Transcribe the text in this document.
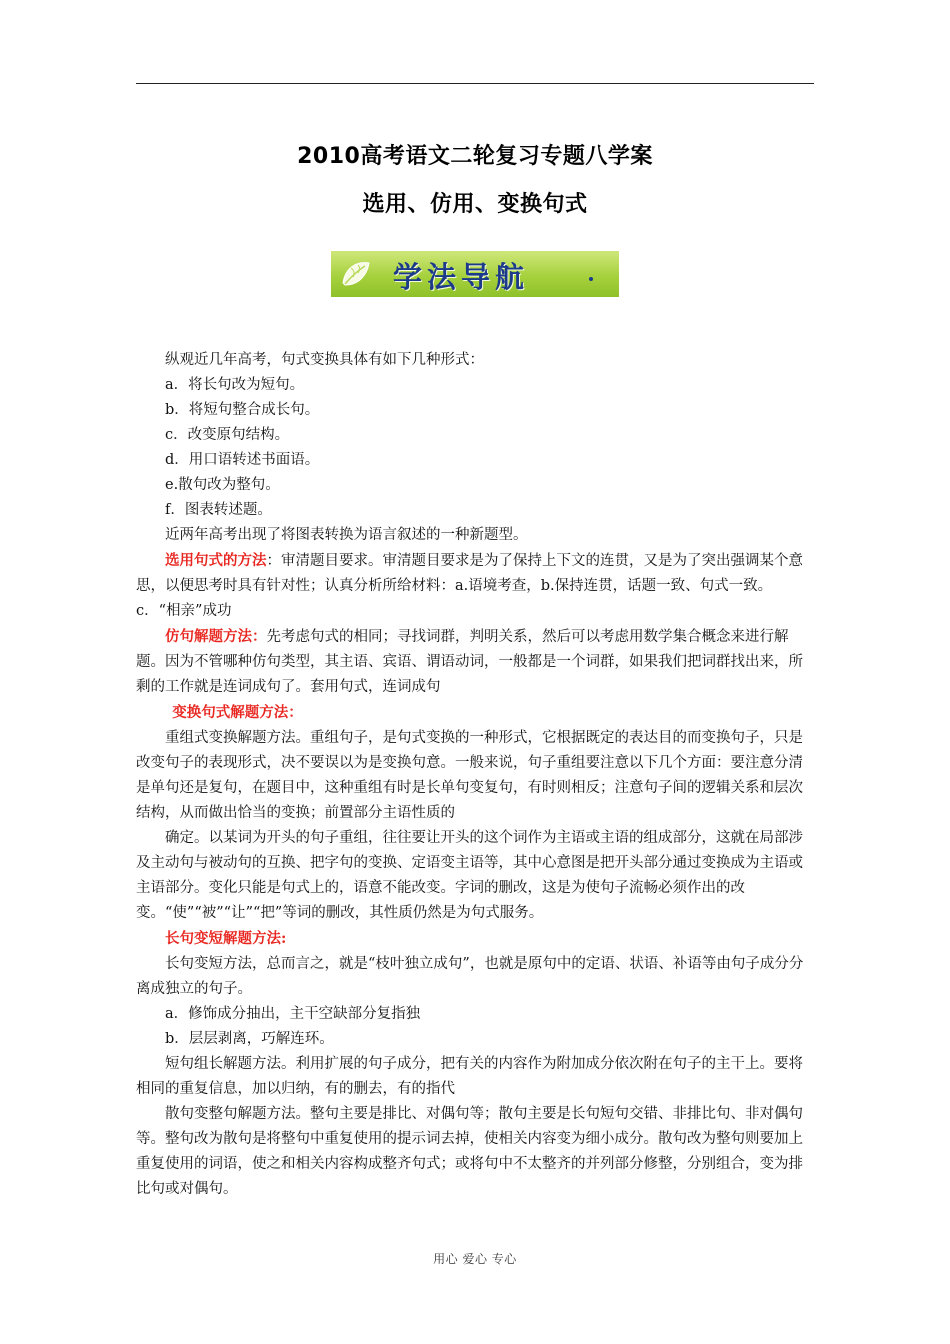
2010高考语文二轮复习专题八学案
选用、仿用、变换句式
学法导航

纵观近几年高考，句式变换具体有如下几种形式：

a．将长句改为短句。

b．将短句整合成长句。

c．改变原句结构。

d．用口语转述书面语。

e.散句改为整句。

f．图表转述题。

近两年高考出现了将图表转换为语言叙述的一种新题型。

选用句式的方法：审清题目要求。审清题目要求是为了保持上下文的连贯，又是为了突出强调某个意思，以便思考时具有针对性；认真分析所给材料：a.语境考查，b.保持连贯，话题一致、句式一致。c．“相亲”成功

仿句解题方法：先考虑句式的相同；寻找词群，判明关系，然后可以考虑用数学集合概念来进行解题。因为不管哪种仿句类型，其主语、宾语、谓语动词，一般都是一个词群，如果我们把词群找出来，所剩的工作就是连词成句了。套用句式，连词成句

变换句式解题方法：

重组式变换解题方法。重组句子，是句式变换的一种形式，它根据既定的表达目的而变换句子，只是改变句子的表现形式，决不要误以为是变换句意。一般来说，句子重组要注意以下几个方面：要注意分清是单句还是复句，在题目中，这种重组有时是长单句变复句，有时则相反；注意句子间的逻辑关系和层次结构，从而做出恰当的变换；前置部分主语性质的

确定。以某词为开头的句子重组，往往要让开头的这个词作为主语或主语的组成部分，这就在局部涉及主动句与被动句的互换、把字句的变换、定语变主语等，其中心意图是把开头部分通过变换成为主语或主语部分。变化只能是句式上的，语意不能改变。字词的删改，这是为使句子流畅必须作出的改变。“使”“被”“让”“把”等词的删改，其性质仍然是为句式服务。

长句变短解题方法:

长句变短方法，总而言之，就是“枝叶独立成句”，也就是原句中的定语、状语、补语等由句子成分分离成独立的句子。

a．修饰成分抽出，主干空缺部分复指独

b．层层剥离，巧解连环。

短句组长解题方法。利用扩展的句子成分，把有关的内容作为附加成分依次附在句子的主干上。要将相同的重复信息，加以归纳，有的删去，有的指代

散句变整句解题方法。整句主要是排比、对偶句等；散句主要是长句短句交错、非排比句、非对偶句等。整句改为散句是将整句中重复使用的提示词去掉，使相关内容变为细小成分。散句改为整句则要加上重复使用的词语，使之和相关内容构成整齐句式；或将句中不太整齐的并列部分修整，分别组合，变为排比句或对偶句。

用心 爱心 专心
